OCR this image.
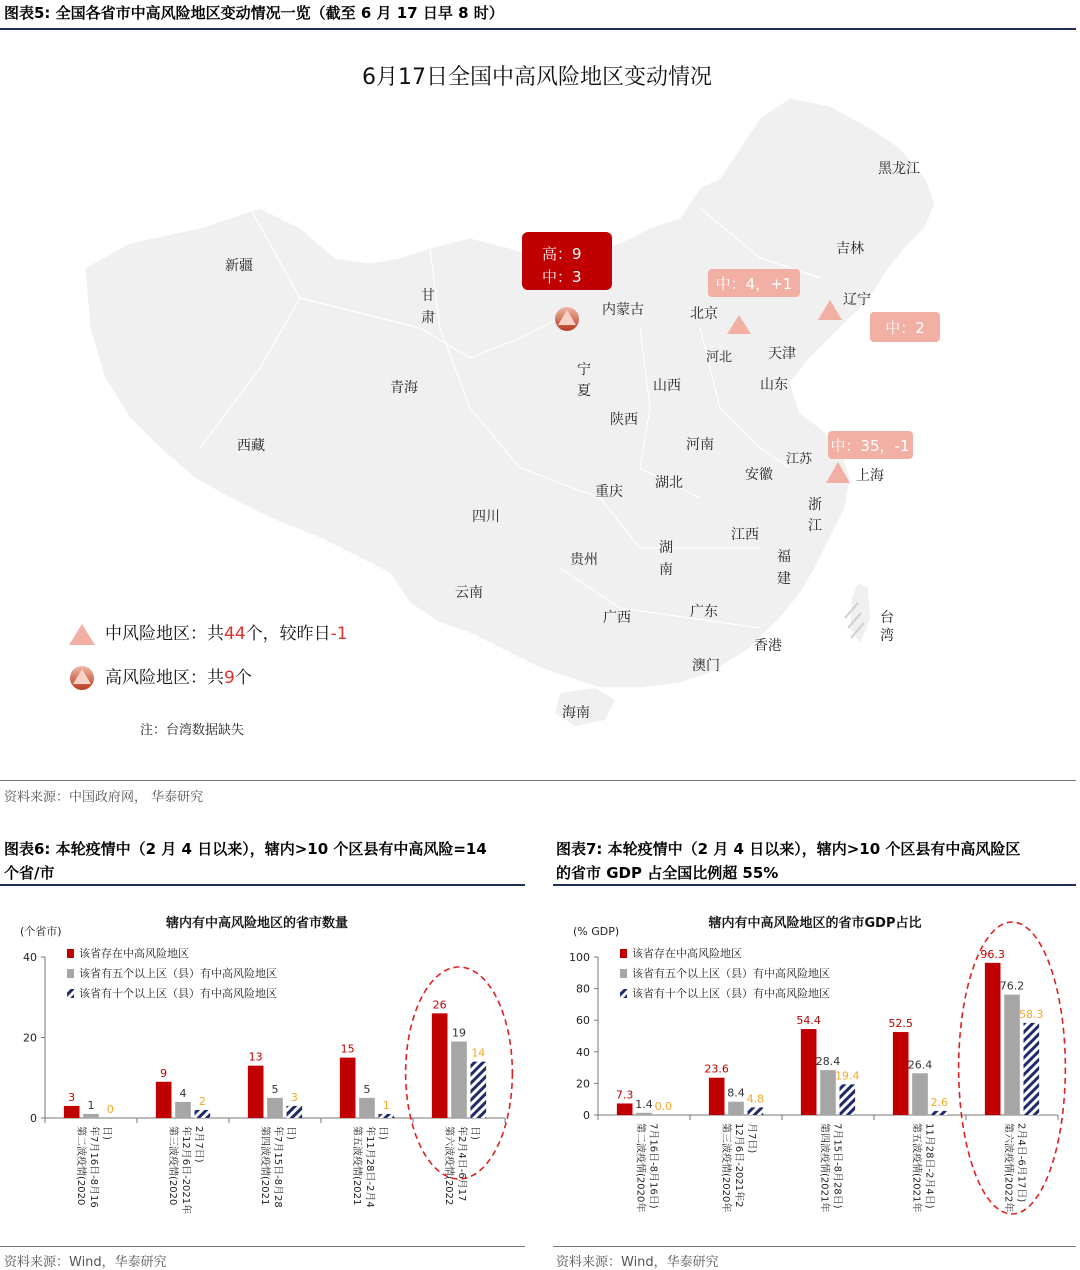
图表5: 全国各省市中高风险地区变动情况一览（截至 6 月 17 日早 8 时）
黑龙江
吉林
辽宁
北京
天津
河北
山东
内蒙古
新疆
甘
肃
青海
西藏
宁
夏	山西
陕西
河南
江苏
上海
安徽
湖北
浙
江
四川
重庆
贵州
湖
南
江西
福
建
云南
广西	广东
香港
台
湾
澳门
海南
6月17日全国中高风险地区变动情况
高：9
中：3	中：4，+1
中：2
中：35，-1
中风险地区：共44个，较昨日-1
高风险地区：共9个
注：台湾数据缺失
资料来源：中国政府网， 华泰研究
图表6: 本轮疫情中（2 月 4 日以来），辖内>10 个区县有中高风险=14
个省/市
辖内有中高风险地区的省市数量
(个省市)
0
20
40
3
1 0
第二波疫情(2020 年7月16日-8月16 日)
9
4
2
第三波疫情(2020 年12月6日-2021年 2月7日)
13
5
3
第四波疫情(2021 年7月15日-8月28 日)
15
5
1
第五波疫情(2021 年11月28日-2月4 日)
26
19
14
第六波疫情(2022 年2月4日-6月17 日)
该省存在中高风险地区
该省有五个以上区（县）有中高风险地区
该省有十个以上区（县）有中高风险地区
资料来源：Wind，华泰研究
图表7: 本轮疫情中（2 月 4 日以来），辖内>10 个区县有中高风险区
的省市 GDP 占全国比例超 55%
辖内有中高风险地区的省市GDP占比
(% GDP)
0
20
40
60
80
100
7.3
1.4 0.0
第二波疫情(2020年 7月16日-8月16日)
23.6
8.4 4.8
第三波疫情(2020年 12月6日-2021年2 月7日)
54.4
28.4
19.4
第四波疫情(2021年 7月15日-8月28日)
52.5
26.4
2.6
第五波疫情(2021年 11月28日-2月4日)
96.3
76.2
58.3
第六波疫情(2022年 2月4日-6月17日)
该省存在中高风险地区
该省有五个以上区（县）有中高风险地区
该省有十个以上区（县）有中高风险地区
资料来源：Wind，华泰研究
